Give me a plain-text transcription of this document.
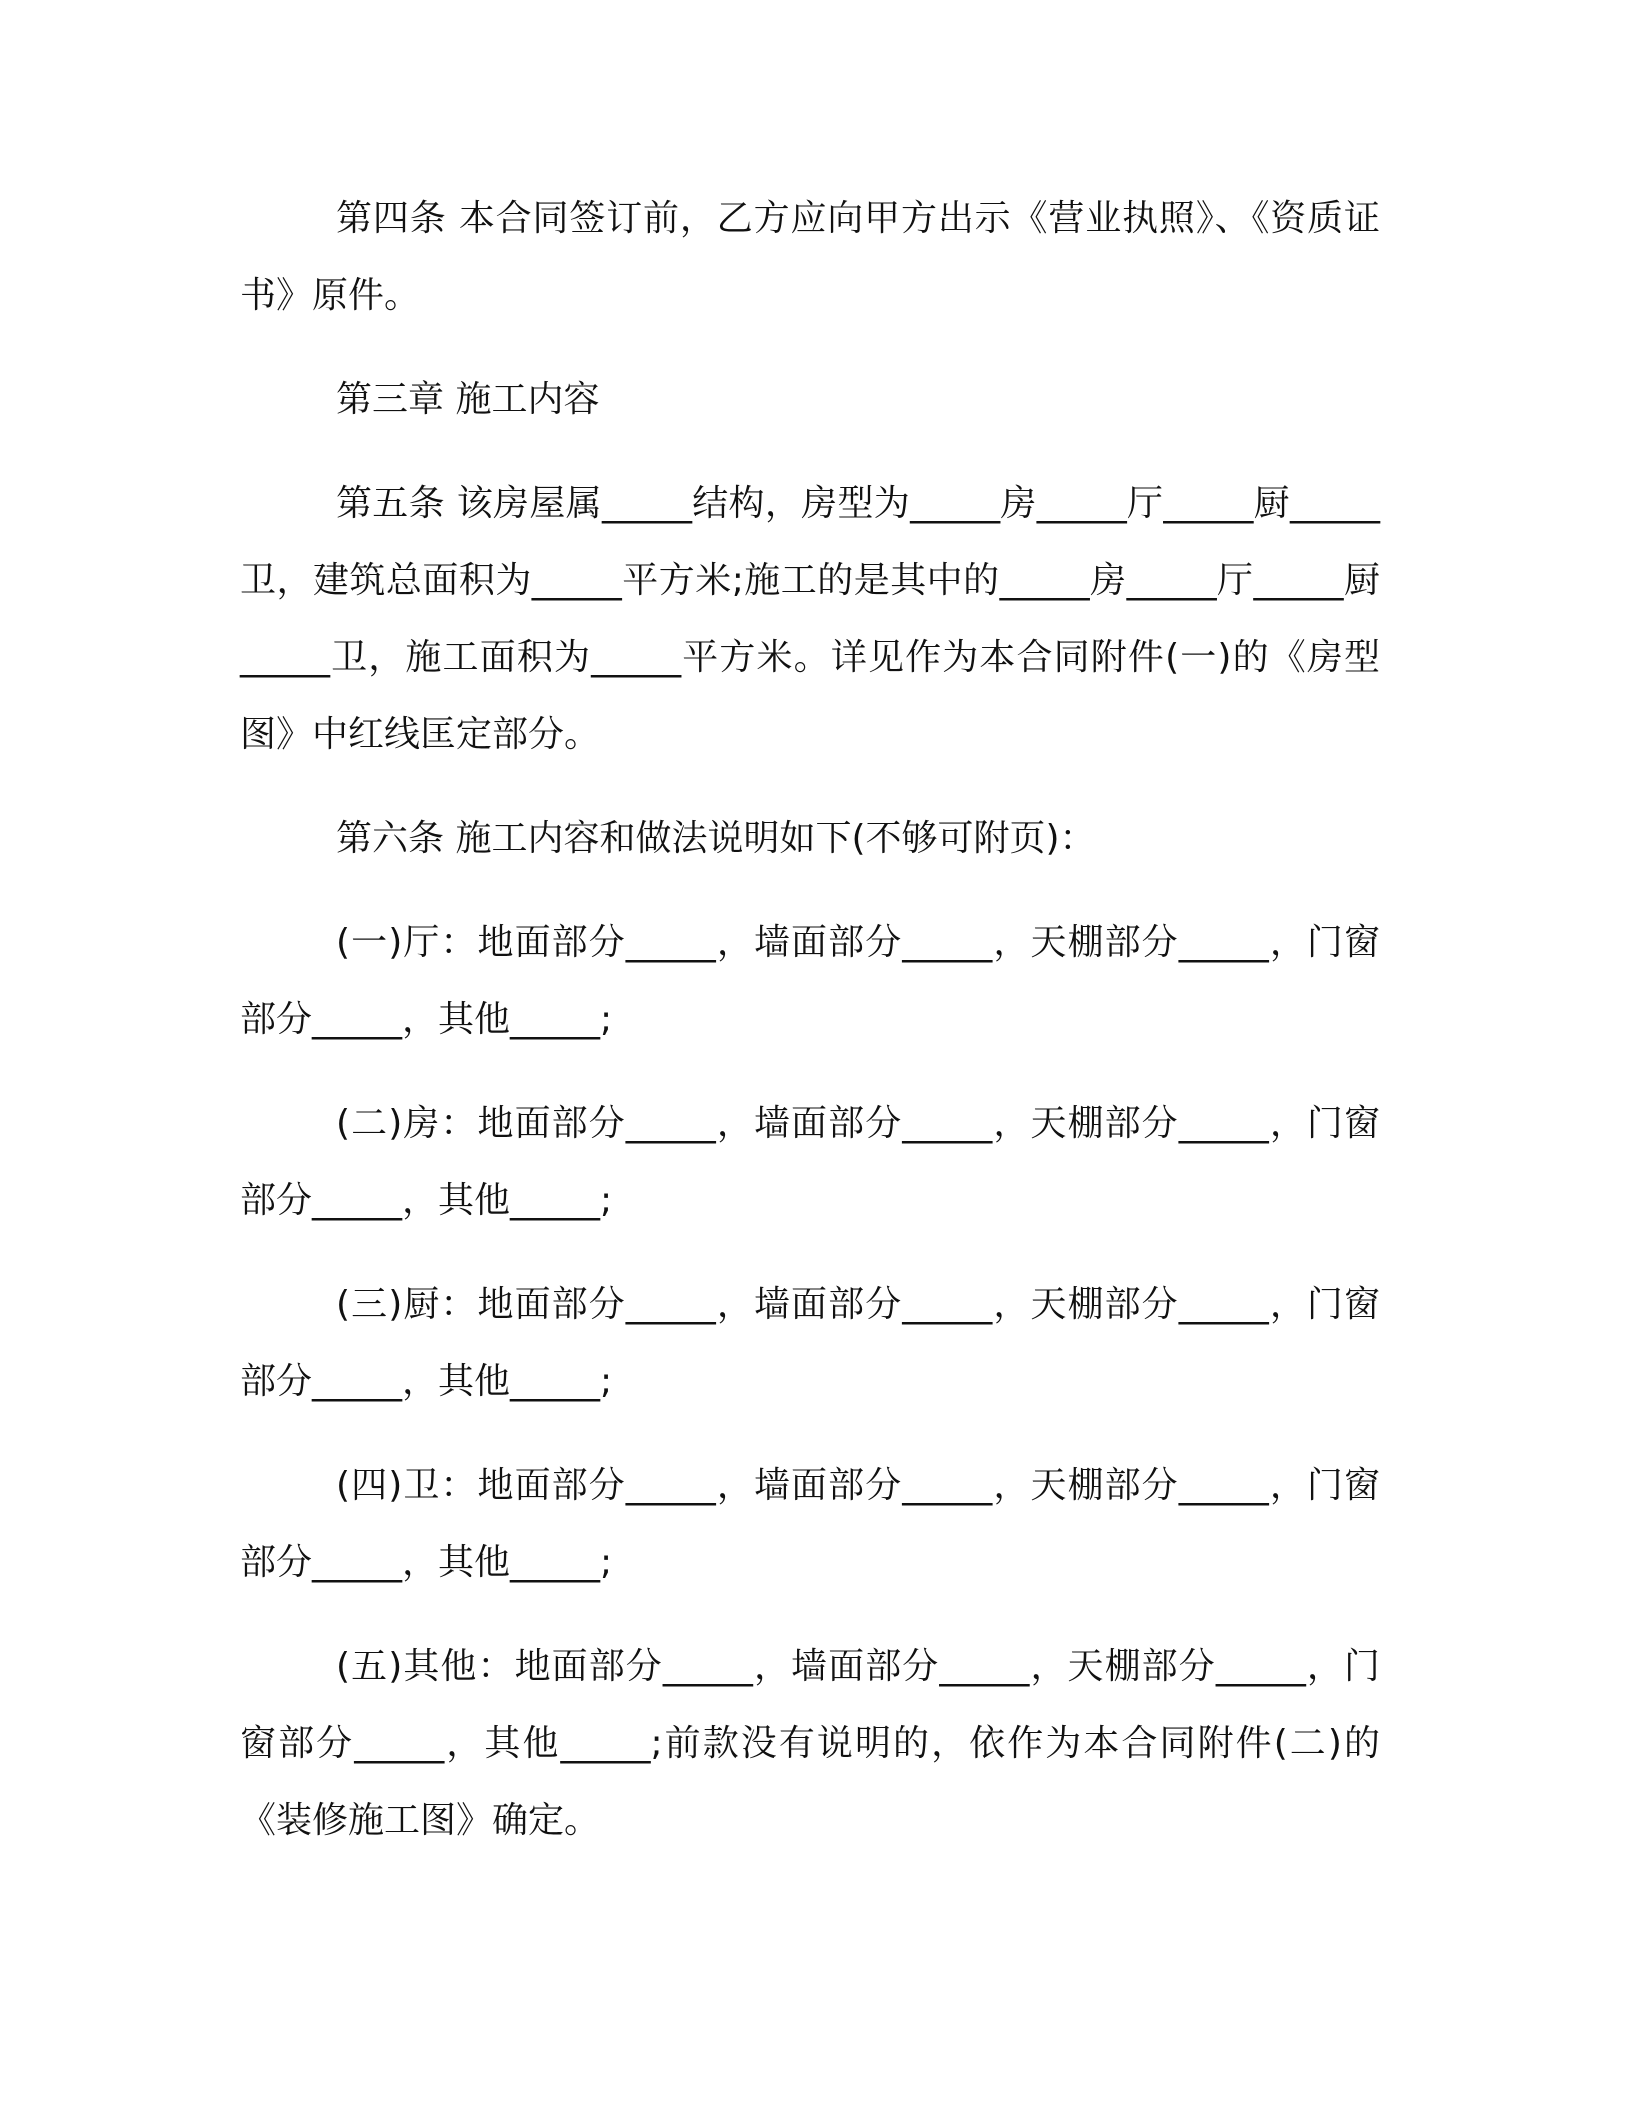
第四条 本合同签订前，乙方应向甲方出示《营业执照》、《资质证书》原件。

第三章 施工内容

第五条 该房屋属_____结构，房型为_____房_____厅_____厨_____卫，建筑总面积为_____平方米;施工的是其中的_____房_____厅_____厨_____卫，施工面积为_____平方米。详见作为本合同附件(一)的《房型图》中红线匡定部分。

第六条 施工内容和做法说明如下(不够可附页)：

(一)厅：地面部分_____，墙面部分_____，天棚部分_____，门窗部分_____，其他_____;

(二)房：地面部分_____，墙面部分_____，天棚部分_____，门窗部分_____，其他_____;

(三)厨：地面部分_____，墙面部分_____，天棚部分_____，门窗部分_____，其他_____;

(四)卫：地面部分_____，墙面部分_____，天棚部分_____，门窗部分_____，其他_____;

(五)其他：地面部分_____，墙面部分_____，天棚部分_____，门窗部分_____，其他_____;前款没有说明的，依作为本合同附件(二)的《装修施工图》确定。
